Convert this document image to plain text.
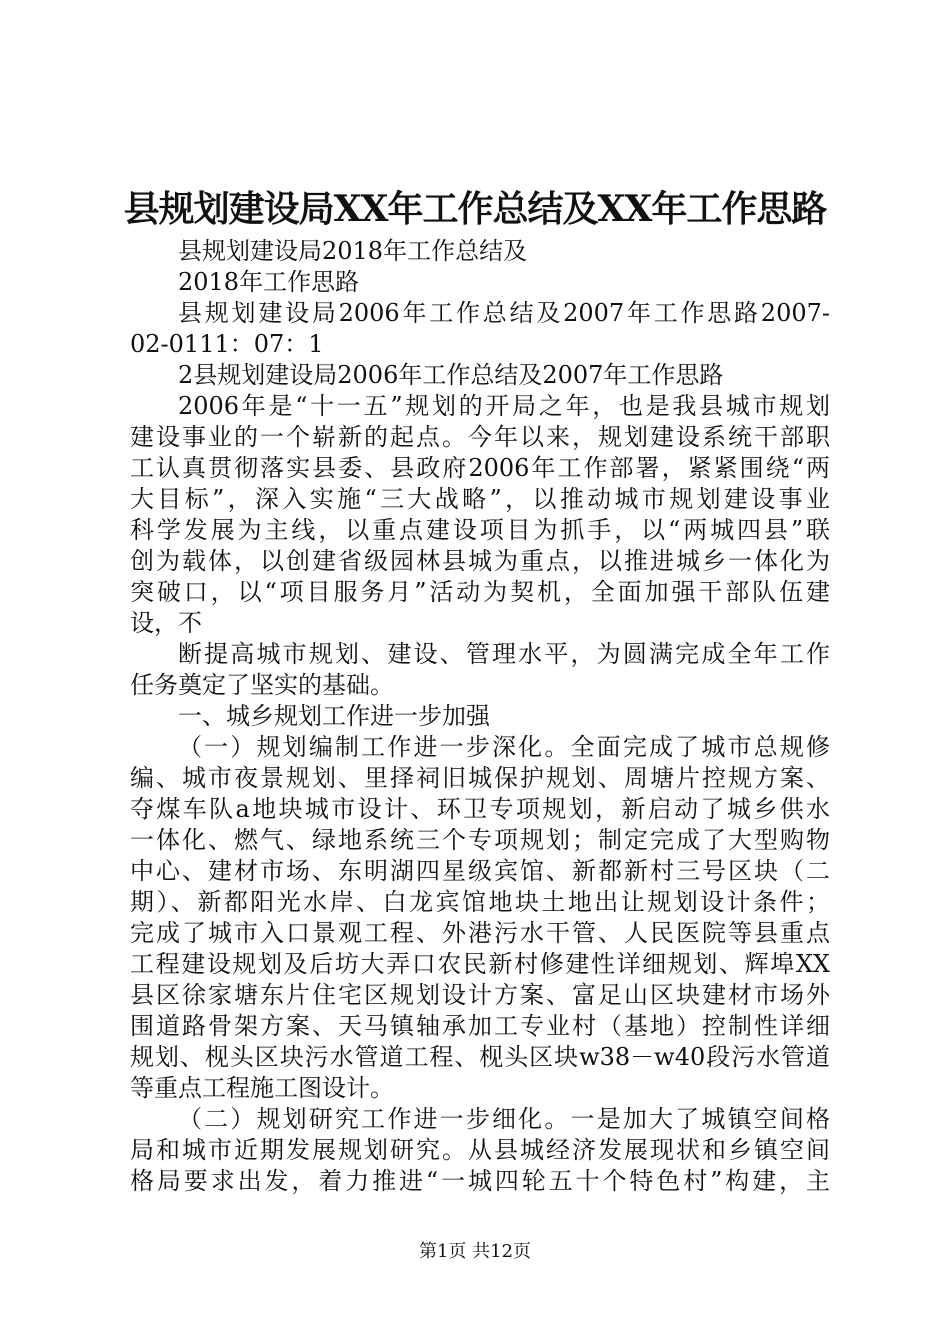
县规划建设局XX年工作总结及XX年工作思路
县规划建设局2018年工作总结及
2018年工作思路
县规划建设局2006年工作总结及2007年工作思路2007-
02-0111：07：1
2县规划建设局2006年工作总结及2007年工作思路
2006年是“十一五”规划的开局之年，也是我县城市规划
建设事业的一个崭新的起点。今年以来，规划建设系统干部职
工认真贯彻落实县委、县政府2006年工作部署，紧紧围绕“两
大目标”，深入实施“三大战略”，以推动城市规划建设事业
科学发展为主线，以重点建设项目为抓手，以“两城四县”联
创为载体，以创建省级园林县城为重点，以推进城乡一体化为
突破口，以“项目服务月”活动为契机，全面加强干部队伍建
设，不
断提高城市规划、建设、管理水平，为圆满完成全年工作
任务奠定了坚实的基础。
一、城乡规划工作进一步加强
（一）规划编制工作进一步深化。全面完成了城市总规修
编、城市夜景规划、里择祠旧城保护规划、周塘片控规方案、
夺煤车队a地块城市设计、环卫专项规划，新启动了城乡供水
一体化、燃气、绿地系统三个专项规划；制定完成了大型购物
中心、建材市场、东明湖四星级宾馆、新都新村三号区块（二
期）、新都阳光水岸、白龙宾馆地块土地出让规划设计条件；
完成了城市入口景观工程、外港污水干管、人民医院等县重点
工程建设规划及后坊大弄口农民新村修建性详细规划、辉埠XX
县区徐家塘东片住宅区规划设计方案、富足山区块建材市场外
围道路骨架方案、天马镇轴承加工专业村（基地）控制性详细
规划、枧头区块污水管道工程、枧头区块w38－w40段污水管道
等重点工程施工图设计。
（二）规划研究工作进一步细化。一是加大了城镇空间格
局和城市近期发展规划研究。从县城经济发展现状和乡镇空间
格局要求出发，着力推进“一城四轮五十个特色村”构建，主
第1页 共12页
